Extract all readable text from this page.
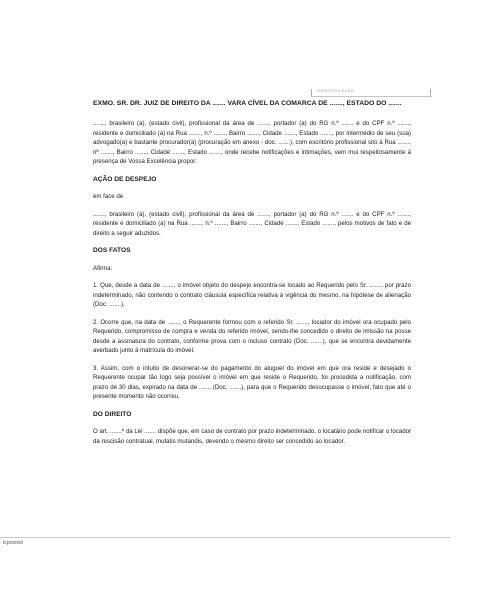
IMPRESSO ELAW
EXMO. SR. DR. JUIZ DE DIREITO DA ....... VARA CÍVEL DA COMARCA DE ......., ESTADO DO .......

......., brasileiro (a), (estado civil), profissional da área de ......., portador (a) do RG n.º ....... e do CPF n.º ......., residente e domiciliado (a) na Rua ......., n.º ......., Bairro ......., Cidade ......., Estado ......., por intermédio de seu (sua) advogado(a) e bastante procurador(a) (procuração em anexo - doc. .......), com escritório profissional sito à Rua ......., nº ......., Bairro ......., Cidade ......., Estado ......., onde recebe notificações e intimações, vem mui respeitosamente à presença de Vossa Excelência propor:

AÇÃO DE DESPEJO

em face de

......., brasileiro (a), (estado civil), profissional da área de ......., portador (a) do RG n.º ....... e do CPF n.º ......., residente e domiciliado (a) na Rua ......., n.º ......., Bairro ......., Cidade ......., Estado ......., pelos motivos de fato e de direito a seguir aduzidos.

DOS FATOS

Afirma:

1. Que, desde a data de ......., o imóvel objeto do despejo encontra-se locado ao Requerido pelo Sr. ......., por prazo indeterminado, não contendo o contrato cláusula específica relativa à vigência do mesmo, na hipótese de alienação (Doc. .......).

2. Ocorre que, na data de ......., o Requerente formou com o referido Sr. ......., locador do imóvel ora ocupado pelo Requerido, compromisso de compra e venda do referido imóvel, sendo-lhe concedido o direito de imissão na posse desde a assinatura do contrato, conforme prova com o incluso contrato (Doc. .......), que se encontra devidamente averbado junto à matrícula do imóvel.

3. Assim, com o intuito de desonerar-se do pagamento do aluguel do imóvel em que ora reside e desejado o Requerente ocupar tão logo seja possível o imóvel em que reside o Requerido, foi procedida a notificação, com prazo de 30 dias, expirado na data de ....... (Doc. .......), para que o Requerido desocupasse o imóvel, fato que até o presente momento não ocorreu.

DO DIREITO

O art. .......º da Lei ....... dispõe que, em caso de contrato por prazo indeterminado, o locatário pode notificar o locador da rescisão contratual, mutatis mutandis, devendo o mesmo direito ser concedido ao locador.

icponivel
